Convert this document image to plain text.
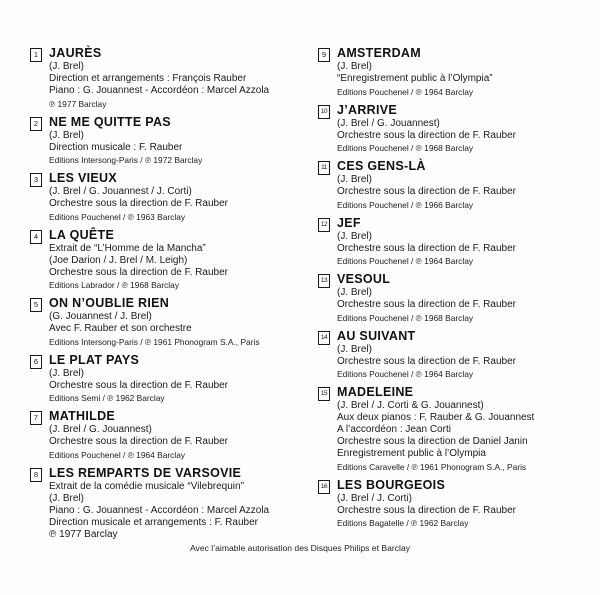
1 JAURÈS
(J. Brel)
Direction et arrangements : François Rauber
Piano : G. Jouannest - Accordéon : Marcel Azzola
℗ 1977 Barclay
2 NE ME QUITTE PAS
(J. Brel)
Direction musicale : F. Rauber
Editions Intersong-Paris / ℗ 1972 Barclay
3 LES VIEUX
(J. Brel / G. Jouannest / J. Corti)
Orchestre sous la direction de F. Rauber
Editions Pouchenel / ℗ 1963 Barclay
4 LA QUÊTE
Extrait de “L’Homme de la Mancha”
(Joe Darion / J. Brel / M. Leigh)
Orchestre sous la direction de F. Rauber
Editions Labrador / ℗ 1968 Barclay
5 ON N’OUBLIE RIEN
(G. Jouannest / J. Brel)
Avec F. Rauber et son orchestre
Editions Intersong-Paris / ℗ 1961 Phonogram S.A., Paris
6 LE PLAT PAYS
(J. Brel)
Orchestre sous la direction de F. Rauber
Editions Semi / ℗ 1962 Barclay
7 MATHILDE
(J. Brel / G. Jouannest)
Orchestre sous la direction de F. Rauber
Editions Pouchenel / ℗ 1964 Barclay
8 LES REMPARTS DE VARSOVIE
Extrait de la comédie musicale “Vilebrequin”
(J. Brel)
Piano : G. Jouannest - Accordéon : Marcel Azzola
Direction musicale et arrangements : F. Rauber
℗ 1977 Barclay
9 AMSTERDAM
(J. Brel)
“Enregistrement public à l’Olympia”
Editions Pouchenel / ℗ 1964 Barclay
10 J’ARRIVE
(J. Brel / G. Jouannest)
Orchestre sous la direction de F. Rauber
Editions Pouchenel / ℗ 1968 Barclay
11 CES GENS-LÀ
(J. Brel)
Orchestre sous la direction de F. Rauber
Editions Pouchenel / ℗ 1966 Barclay
12 JEF
(J. Brel)
Orchestre sous la direction de F. Rauber
Editions Pouchenel / ℗ 1964 Barclay
13 VESOUL
(J. Brel)
Orchestre sous la direction de F. Rauber
Editions Pouchenel / ℗ 1968 Barclay
14 AU SUIVANT
(J. Brel)
Orchestre sous la direction de F. Rauber
Editions Pouchenel / ℗ 1964 Barclay
15 MADELEINE
(J. Brel / J. Corti & G. Jouannest)
Aux deux pianos : F. Rauber & G. Jouannest
A l’accordéon : Jean Corti
Orchestre sous la direction de Daniel Janin
Enregistrement public à l’Olympia
Editions Caravelle / ℗ 1961 Phonogram S.A., Paris
16 LES BOURGEOIS
(J. Brel / J. Corti)
Orchestre sous la direction de F. Rauber
Editions Bagatelle / ℗ 1962 Barclay
Avec l’aimable autorisation des Disques Philips et Barclay
